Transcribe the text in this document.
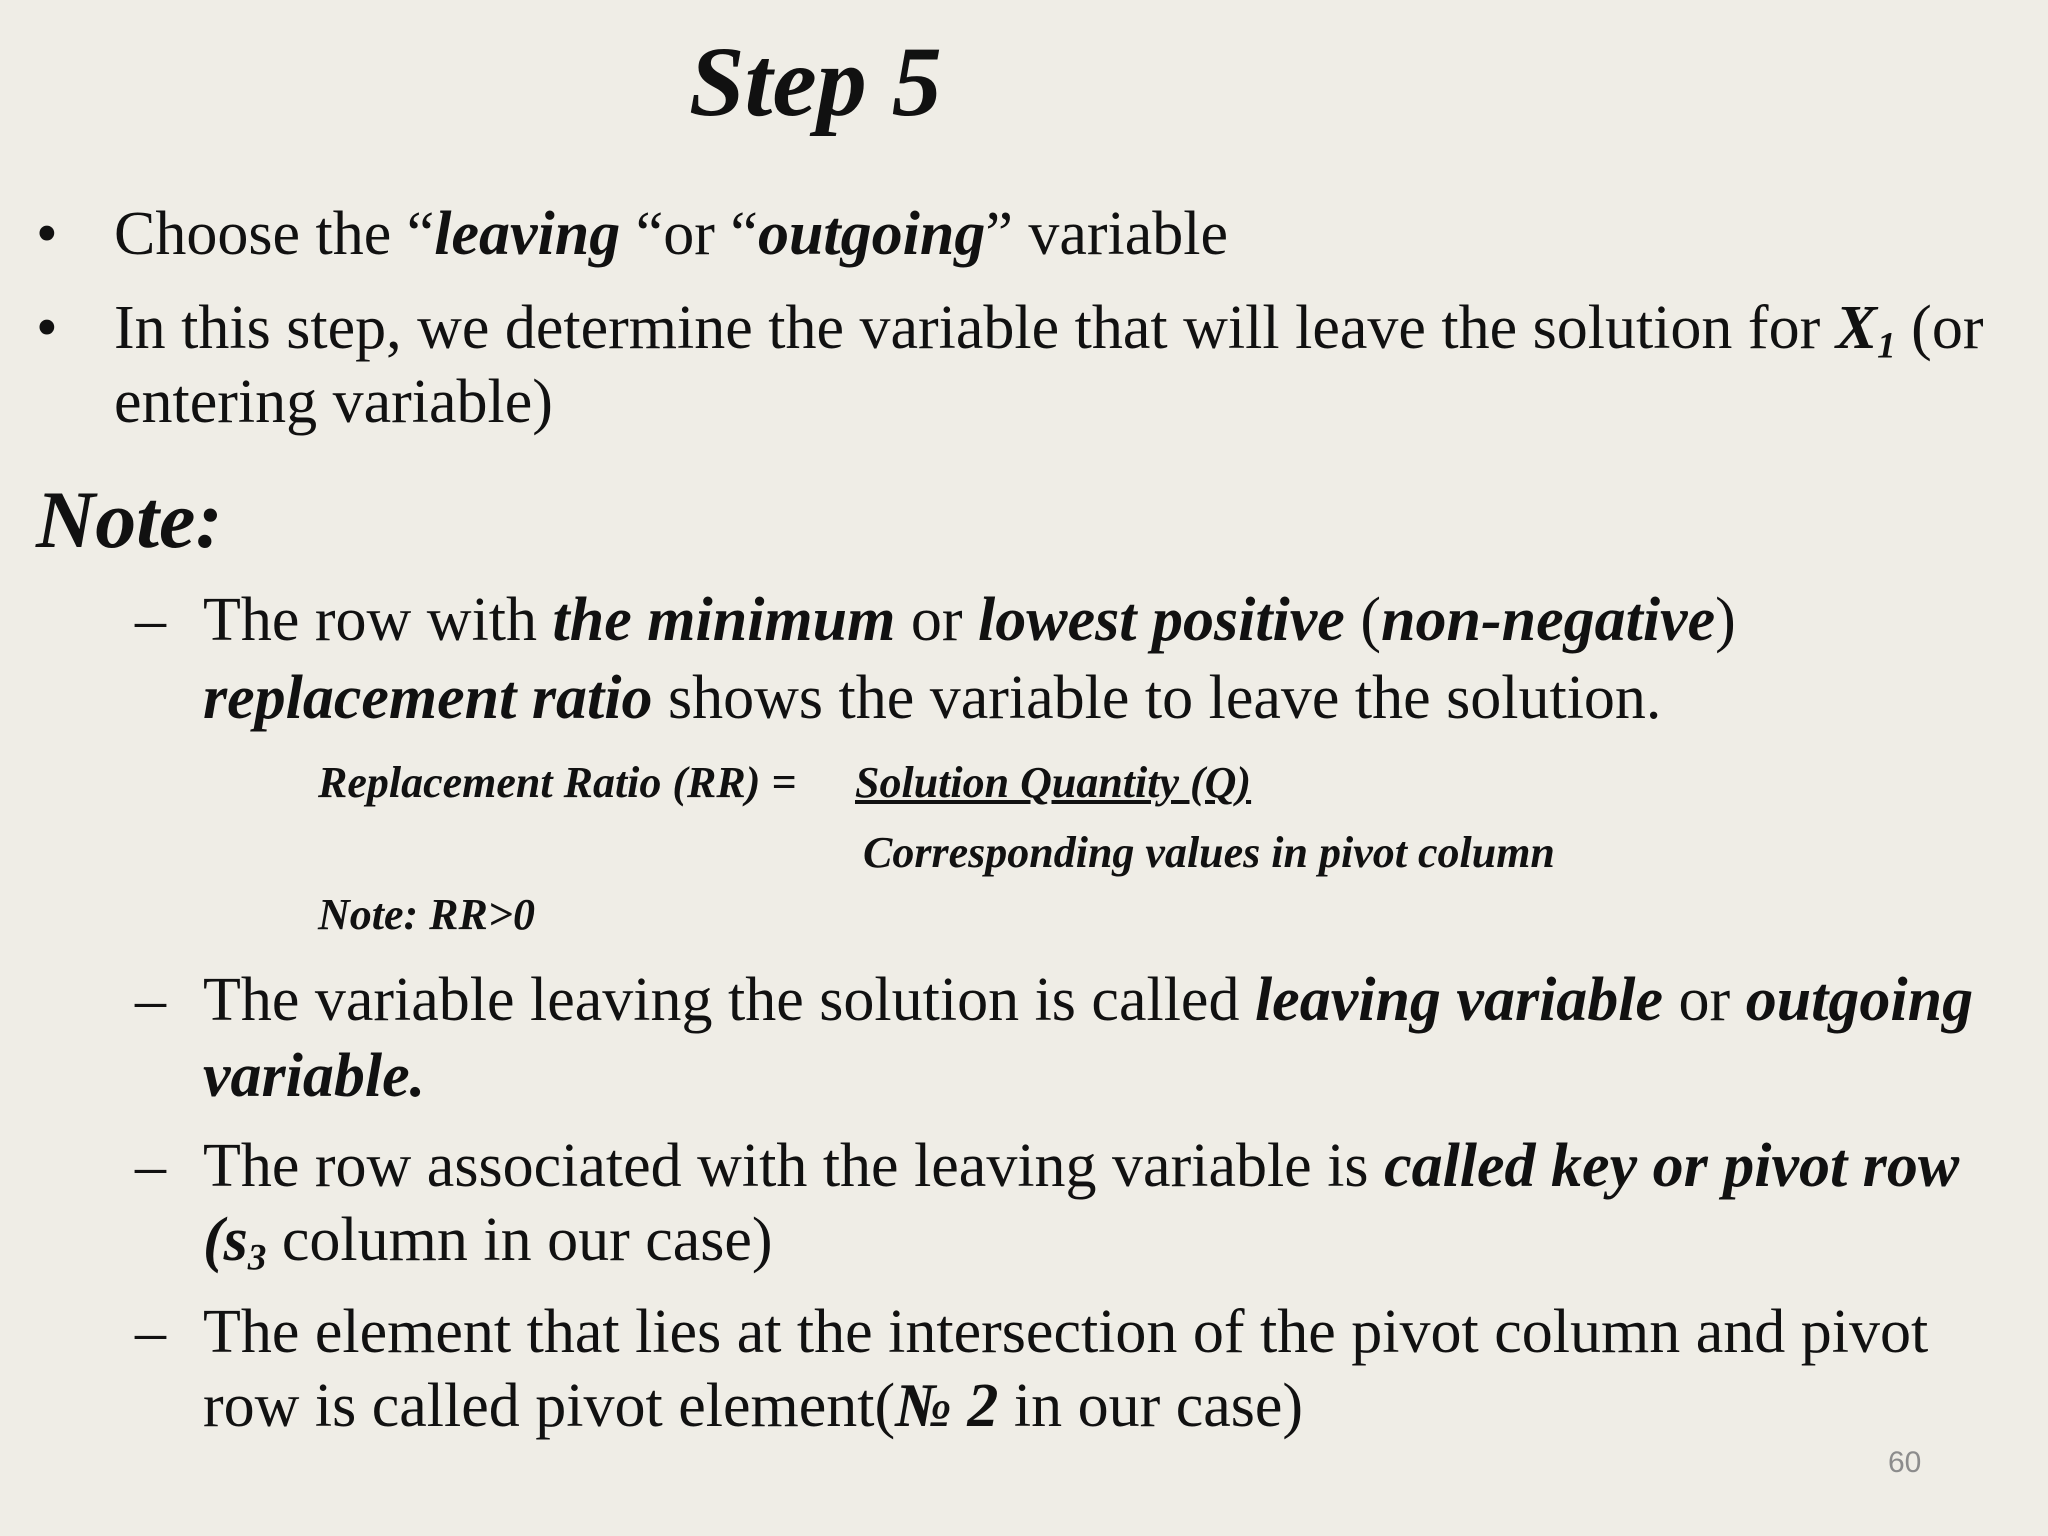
Step 5
• Choose the “leaving “or “outgoing” variable
• In this step, we determine the variable that will leave the solution for $X_1$ (or
entering variable)
Note:
– The row with the minimum or lowest positive (non-negative)
replacement ratio shows the variable to leave the solution.
Replacement Ratio (RR) = Solution Quantity (Q)
Corresponding values in pivot column
Note: RR>0
– The variable leaving the solution is called leaving variable or outgoing
variable.
– The row associated with the leaving variable is called key or pivot row
($s_3$ column in our case)
– The element that lies at the intersection of the pivot column and pivot
row is called pivot element(№ 2 in our case)
60
